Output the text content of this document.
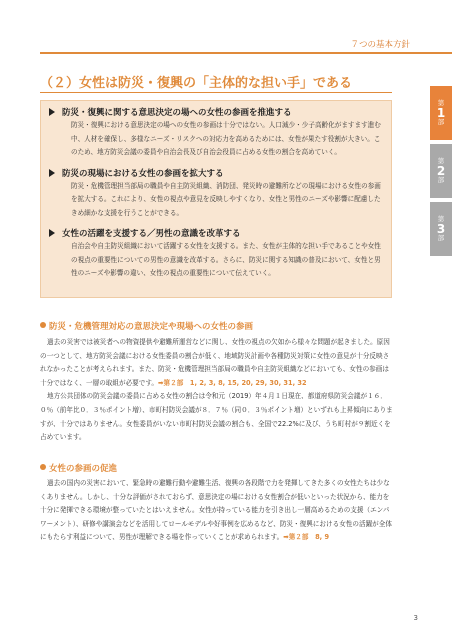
７つの基本方針
第
1
部
第
2
部
第
3
部
（２）女性は防災・復興の「主体的な担い手」である
防災・復興に関する意思決定の場への女性の参画を推進する
防災・復興における意思決定の場への女性の参画は十分ではない。人口減少・少子高齢化がますます進む中、人材を確保し、多様なニーズ・リスクへの対応力を高めるためには、女性が果たす役割が大きい。このため、地方防災会議の委員や自治会長及び自治会役員に占める女性の割合を高めていく。
防災の現場における女性の参画を拡大する
防災・危機管理担当部局の職員や自主防災組織、消防団、発災時の避難所などの現場における女性の参画を拡大する。これにより、女性の視点や意見を反映しやすくなり、女性と男性のニーズや影響に配慮したきめ細かな支援を行うことができる。
女性の活躍を支援する／男性の意識を改革する
自治会や自主防災組織において活躍する女性を支援する。また、女性が主体的な担い手であることや女性の視点の重要性についての男性の意識を改革する。さらに、防災に関する知識の普及において、女性と男性のニーズや影響の違い、女性の視点の重要性について伝えていく。
防災・危機管理対応の意思決定や現場への女性の参画

過去の災害では被災者への物資提供や避難所運営などに関し、女性の視点の欠如から様々な問題が起きました。原因の一つとして、地方防災会議における女性委員の割合が低く、地域防災計画や各種防災対策に女性の意見が十分反映されなかったことが考えられます。また、防災・危機管理担当部局の職員や自主防災組織などにおいても、女性の参画は十分ではなく、一層の取組が必要です。➡第２部　1, 2, 3, 8, 15, 20, 29, 30, 31, 32

地方公共団体の防災会議の委員に占める女性の割合は令和元（2019）年４月１日現在、都道府県防災会議が１６．０％（前年比０．３％ポイント増）、市町村防災会議が８．７％（同０．３％ポイント増）といずれも上昇傾向にありますが、十分ではありません。女性委員がいない市町村防災会議の割合も、全国で22.2%に及び、うち町村が９割近くを占めています。

女性の参画の促進

過去の国内の災害において、緊急時の避難行動や避難生活、復興の各段階で力を発揮してきた多くの女性たちは少なくありません。しかし、十分な評価がされておらず、意思決定の場における女性割合が低いといった状況から、能力を十分に発揮できる環境が整っていたとはいえません。女性が持っている能力を引き出し一層高めるための支援（エンパワーメント）、研修や講演会などを活用してロールモデルや好事例を広めるなど、防災・復興における女性の活躍が全体にもたらす利益について、男性が理解できる場を作っていくことが求められます。➡第２部　8, 9

3
